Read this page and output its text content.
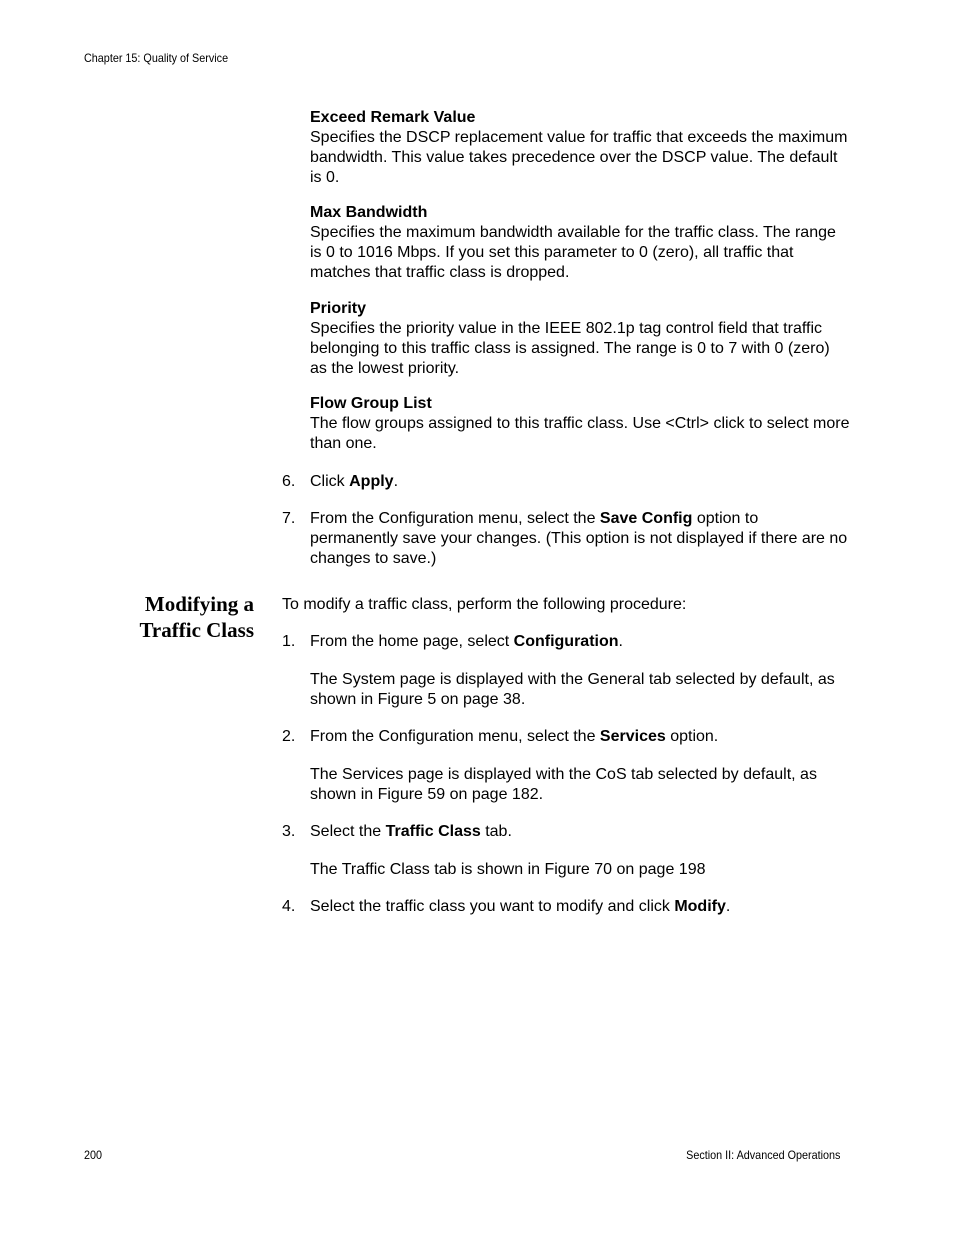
Chapter 15: Quality of Service
Exceed Remark Value
Specifies the DSCP replacement value for traffic that exceeds the maximum bandwidth. This value takes precedence over the DSCP value. The default is 0.
Max Bandwidth
Specifies the maximum bandwidth available for the traffic class. The range is 0 to 1016 Mbps. If you set this parameter to 0 (zero), all traffic that matches that traffic class is dropped.
Priority
Specifies the priority value in the IEEE 802.1p tag control field that traffic belonging to this traffic class is assigned. The range is 0 to 7 with 0 (zero) as the lowest priority.
Flow Group List
The flow groups assigned to this traffic class. Use <Ctrl> click to select more than one.
6. Click Apply.
7. From the Configuration menu, select the Save Config option to permanently save your changes. (This option is not displayed if there are no changes to save.)
Modifying a
Traffic Class
To modify a traffic class, perform the following procedure:
1. From the home page, select Configuration.
The System page is displayed with the General tab selected by default, as shown in Figure 5 on page 38.
2. From the Configuration menu, select the Services option.
The Services page is displayed with the CoS tab selected by default, as shown in Figure 59 on page 182.
3. Select the Traffic Class tab.
The Traffic Class tab is shown in Figure 70 on page 198
4. Select the traffic class you want to modify and click Modify.
200	Section II: Advanced Operations
